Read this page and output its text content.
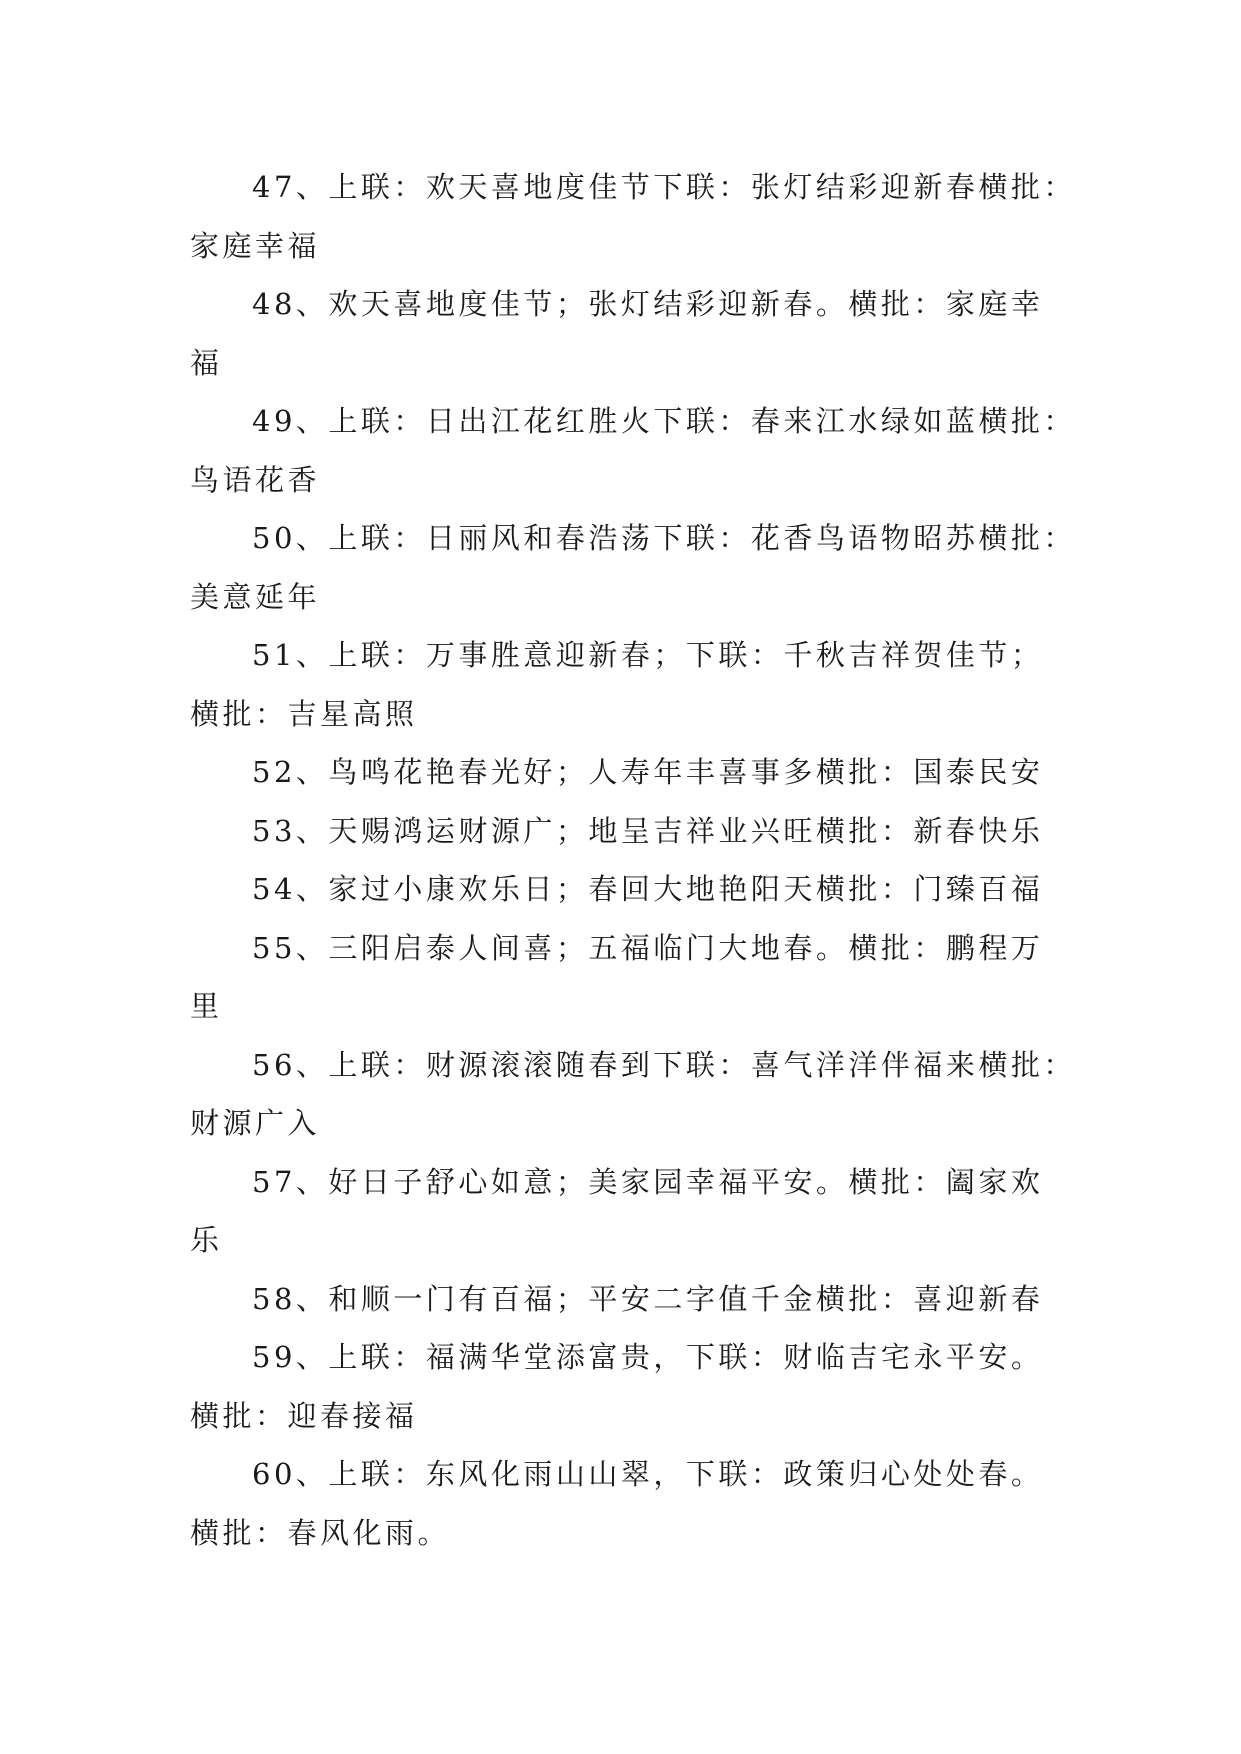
47、上联：欢天喜地度佳节下联：张灯结彩迎新春横批：
家庭幸福

48、欢天喜地度佳节；张灯结彩迎新春。横批：家庭幸
福

49、上联：日出江花红胜火下联：春来江水绿如蓝横批：
鸟语花香

50、上联：日丽风和春浩荡下联：花香鸟语物昭苏横批：
美意延年

51、上联：万事胜意迎新春；下联：千秋吉祥贺佳节；
横批：吉星高照

52、鸟鸣花艳春光好；人寿年丰喜事多横批：国泰民安

53、天赐鸿运财源广；地呈吉祥业兴旺横批：新春快乐

54、家过小康欢乐日；春回大地艳阳天横批：门臻百福

55、三阳启泰人间喜；五福临门大地春。横批：鹏程万
里

56、上联：财源滚滚随春到下联：喜气洋洋伴福来横批：
财源广入

57、好日子舒心如意；美家园幸福平安。横批：阖家欢
乐

58、和顺一门有百福；平安二字值千金横批：喜迎新春

59、上联：福满华堂添富贵，下联：财临吉宅永平安。
横批：迎春接福

60、上联：东风化雨山山翠，下联：政策归心处处春。
横批：春风化雨。
